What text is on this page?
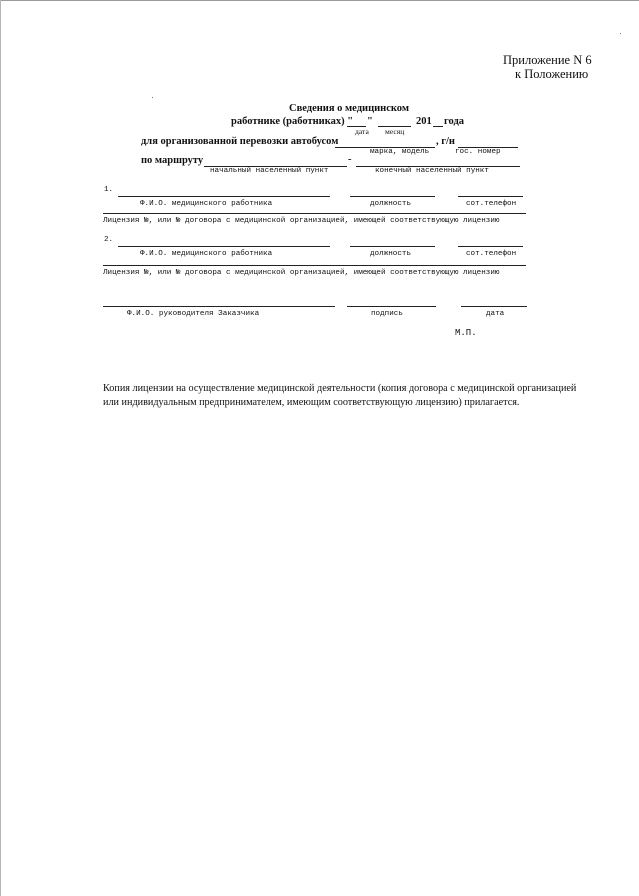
Приложение N 6
к Положению
Сведения о медицинском
работнике (работниках) " "	201 года
дата месяц
для организованной перевозки автобусом	, г/н
марка, модель	гос. номер
по маршруту	-
начальный населенный пункт	конечный населенный пункт
1.
Ф.И.О. медицинского работника	должность	сот.телефон
Лицензия №, или № договора с медицинской организацией, имеющей соответствующую лицензию
2.
Ф.И.О. медицинского работника	должность	сот.телефон
Лицензия №, или № договора с медицинской организацией, имеющей соответствующую лицензию
Ф.И.О. руководителя Заказчика	подпись	дата
М.П.
Копия лицензии на осуществление медицинской деятельности (копия договора с медицинской организацией
или индивидуальным предпринимателем, имеющим соответствующую лицензию) прилагается.
